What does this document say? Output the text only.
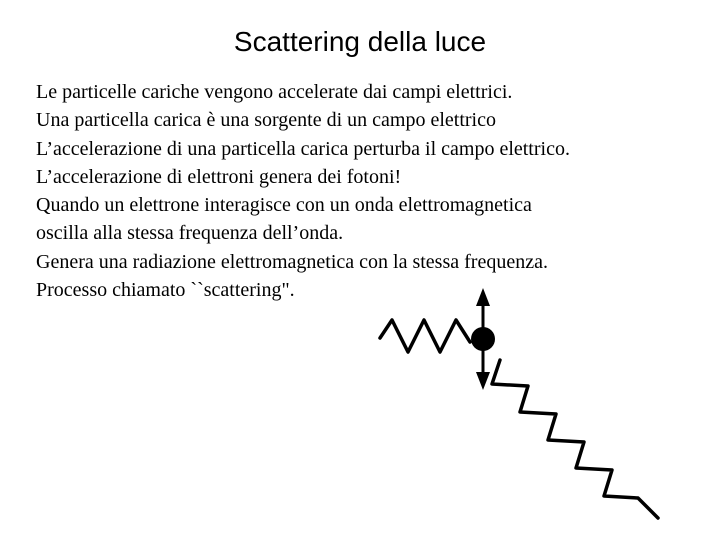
Scattering della luce
Le particelle cariche vengono accelerate dai campi elettrici.
Una particella carica è una sorgente di un campo elettrico
L’accelerazione di una particella carica perturba il campo elettrico.
L’accelerazione di elettroni genera dei fotoni!
Quando un elettrone interagisce con un onda elettromagnetica
oscilla alla stessa frequenza dell’onda.
Genera una radiazione elettromagnetica con la stessa frequenza.
Processo chiamato ``scattering".
